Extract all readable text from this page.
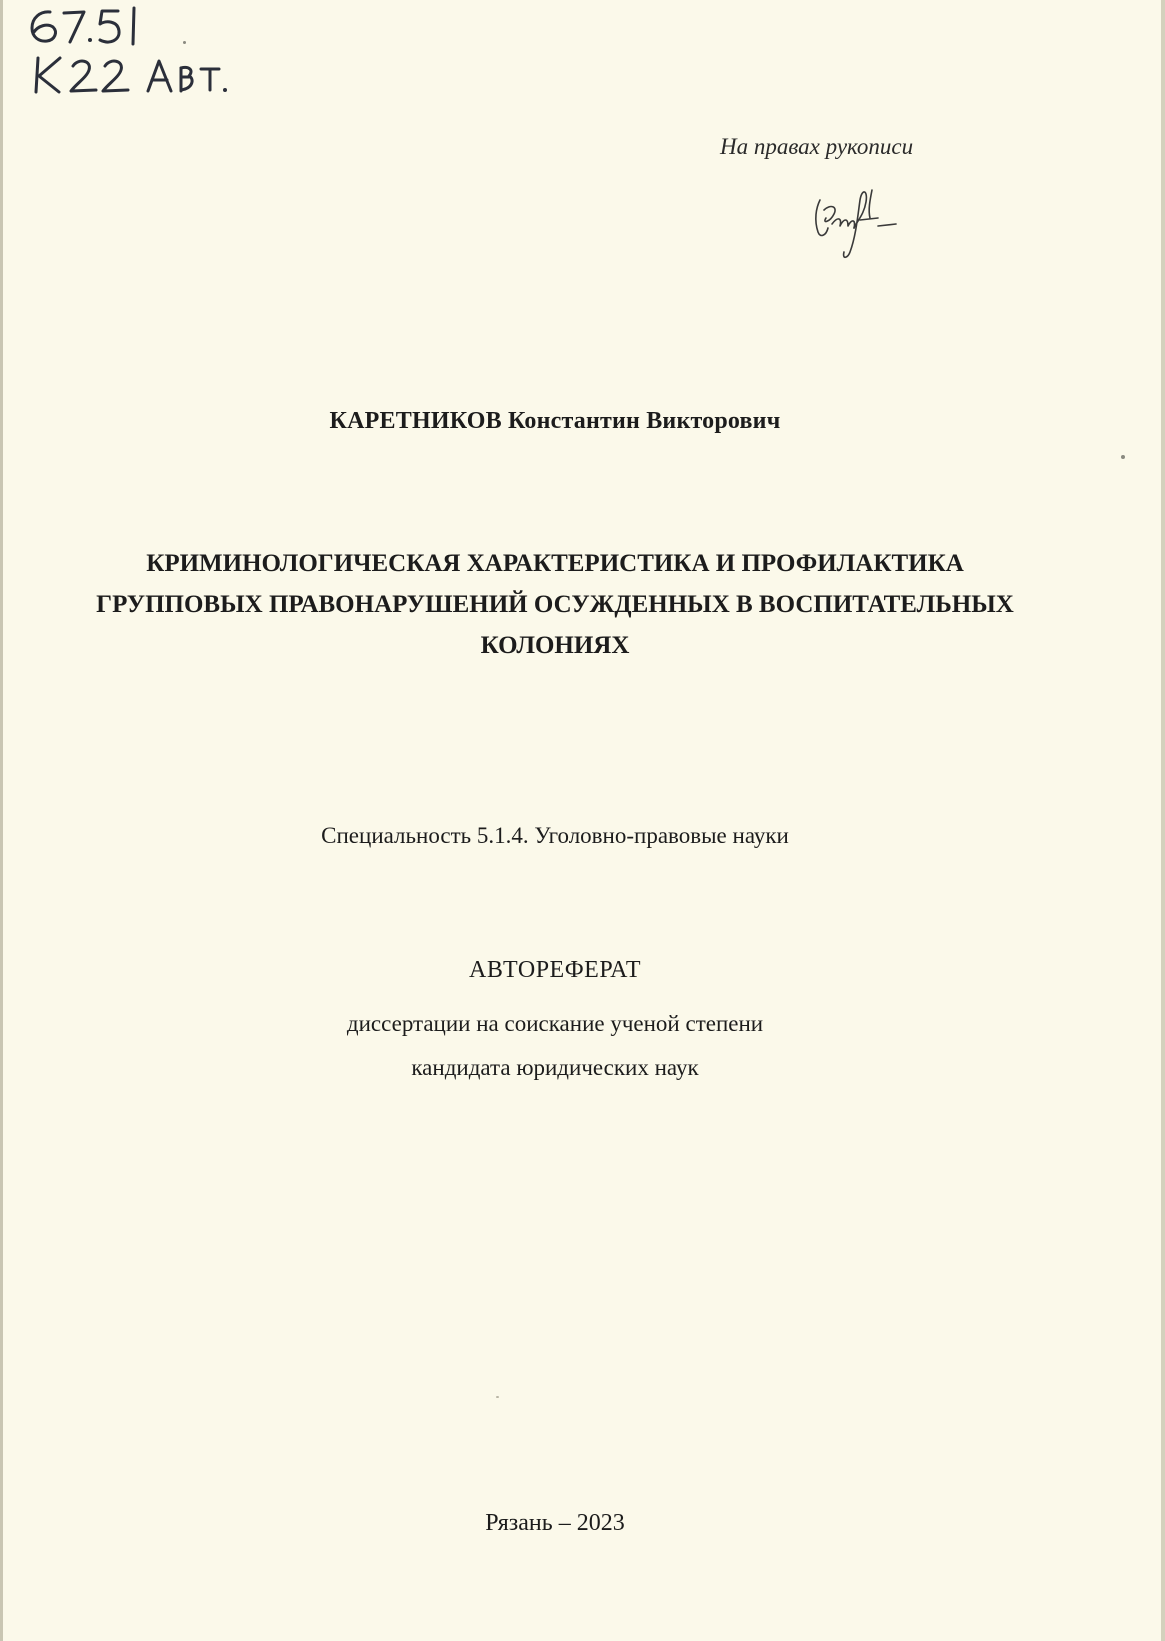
67.51
На правах рукописи
КАРЕТНИКОВ Константин Викторович
КРИМИНОЛОГИЧЕСКАЯ ХАРАКТЕРИСТИКА И ПРОФИЛАКТИКА
ГРУППОВЫХ ПРАВОНАРУШЕНИЙ ОСУЖДЕННЫХ В ВОСПИТАТЕЛЬНЫХ
КОЛОНИЯХ
Специальность 5.1.4. Уголовно-правовые науки
АВТОРЕФЕРАТ
диссертации на соискание ученой степени
кандидата юридических наук
Рязань – 2023
